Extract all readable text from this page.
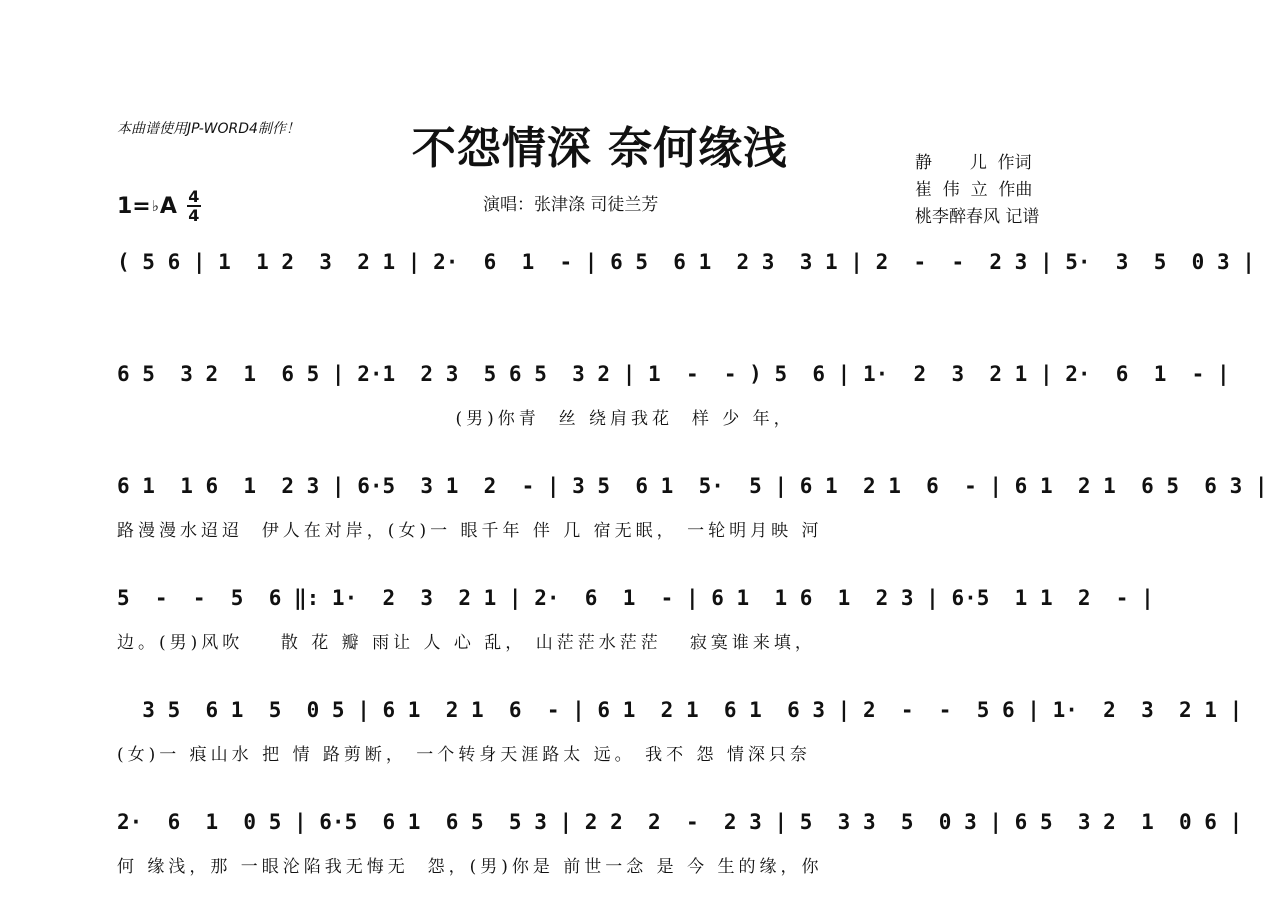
本曲谱使用JP-WORD4制作！	不怨情深 奈何缘浅
演唱：张津涤 司徒兰芳
静       儿  作词
崔  伟  立  作曲
桃李醉春风 记谱
1= ♭ A $\frac{4}{4}$
( 5 6 | 1  1 2  3  2 1 | 2·  6  1  - | 6 5  6 1  2 3  3 1 | 2  -  -  2 3 | 5·  3  5  0 3 |
6 5  3 2  1  6 5 | 2·1  2 3  5 6 5  3 2 | 1  -  - ) 5  6 | 1·  2  3  2 1 | 2·  6  1  - |
(男)你青  丝 绕肩我花  样 少 年，
6 1  1 6  1  2 3 | 6·5  3 1  2  - | 3 5  6 1  5·  5 | 6 1  2 1  6  - | 6 1  2 1  6 5  6 3 |
路漫漫水迢迢  伊人在对岸，(女)一 眼千年 伴 几 宿无眠， 一轮明月映 河
5  -  -  5  6 ‖: 1·  2  3  2 1 | 2·  6  1  - | 6 1  1 6  1  2 3 | 6·5  1 1  2  - |
边。(男)风吹    散 花 瓣 雨让 人 心 乱， 山茫茫水茫茫   寂寞谁来填，
3 5  6 1  5  0 5 | 6 1  2 1  6  - | 6 1  2 1  6 1  6 3 | 2  -  -  5 6 | 1·  2  3  2 1 |
(女)一 痕山水 把 情 路剪断， 一个转身天涯路太 远。 我不 怨 情深只奈
2·  6  1  0 5 | 6·5  6 1  6 5  5 3 | 2 2  2  -  2 3 | 5  3 3  5  0 3 | 6 5  3 2  1  0 6 |
何 缘浅，那 一眼沦陷我无悔无  怨，(男)你是 前世一念 是 今 生的缘，你
